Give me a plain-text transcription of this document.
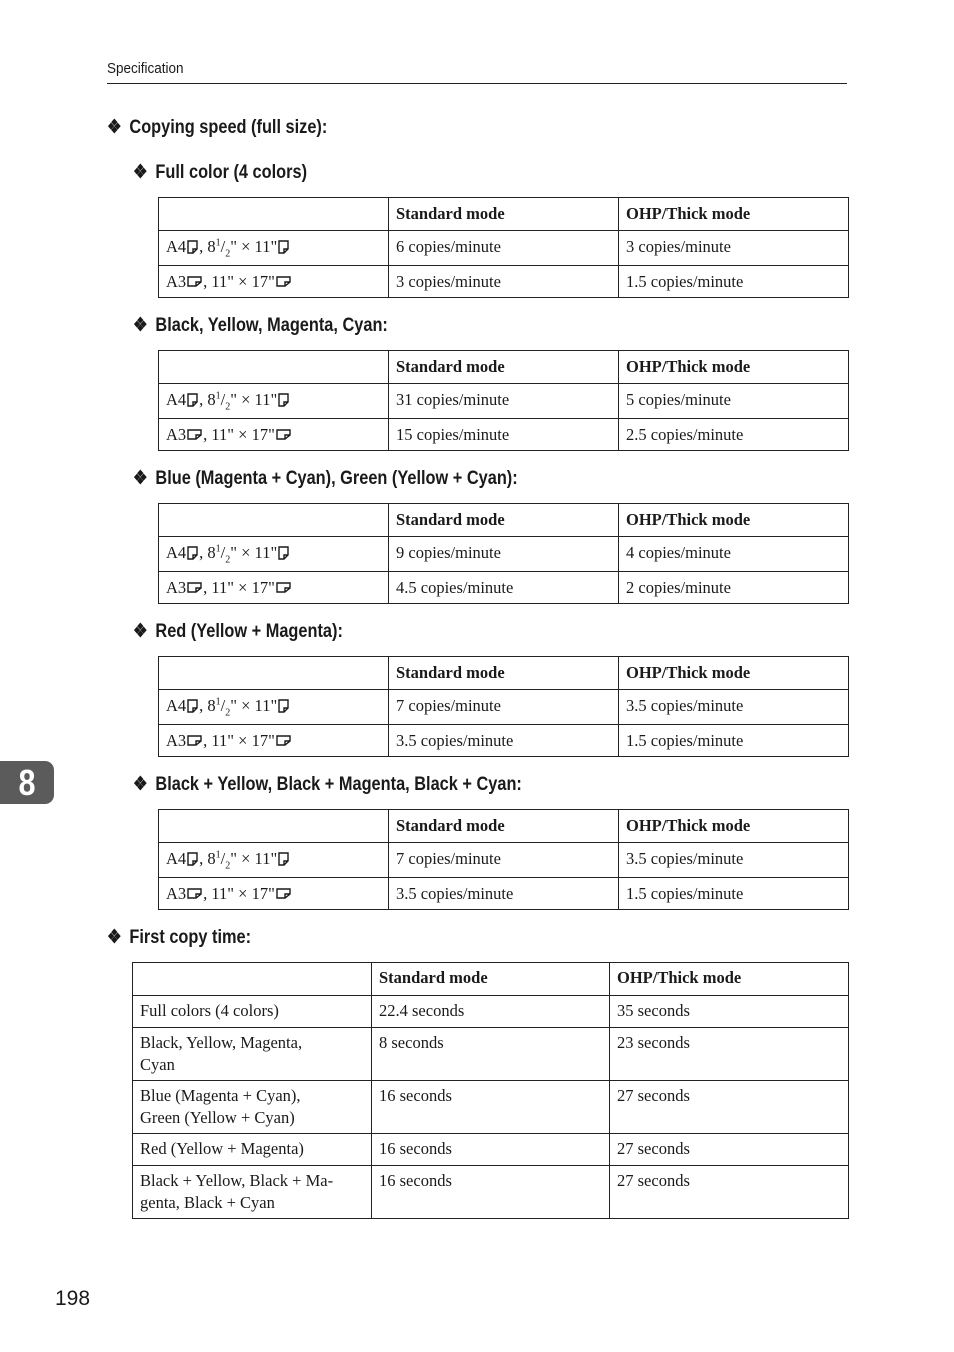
Specification
❖ Copying speed (full size):
❖ Full color (4 colors)
	Standard mode	OHP/Thick mode
A4 , $8^1/_2$" × 11"	6 copies/minute	3 copies/minute
A3 , 11" × 17"	3 copies/minute	1.5 copies/minute
❖ Black, Yellow, Magenta, Cyan:
	Standard mode	OHP/Thick mode
A4 , $8^1/_2$" × 11"	31 copies/minute	5 copies/minute
A3 , 11" × 17"	15 copies/minute	2.5 copies/minute
❖ Blue (Magenta + Cyan), Green (Yellow + Cyan):
	Standard mode	OHP/Thick mode
A4 , $8^1/_2$" × 11"	9 copies/minute	4 copies/minute
A3 , 11" × 17"	4.5 copies/minute	2 copies/minute
❖ Red (Yellow + Magenta):
	Standard mode	OHP/Thick mode
A4 , $8^1/_2$" × 11"	7 copies/minute	3.5 copies/minute
A3 , 11" × 17"	3.5 copies/minute	1.5 copies/minute
❖ Black + Yellow, Black + Magenta, Black + Cyan:
	Standard mode	OHP/Thick mode
A4 , $8^1/_2$" × 11"	7 copies/minute	3.5 copies/minute
A3 , 11" × 17"	3.5 copies/minute	1.5 copies/minute
❖ First copy time:
	Standard mode	OHP/Thick mode
Full colors (4 colors)	22.4 seconds	35 seconds
Black, Yellow, Magenta,
Cyan	8 seconds	23 seconds
Blue (Magenta + Cyan),
Green (Yellow + Cyan)	16 seconds	27 seconds
Red (Yellow + Magenta)	16 seconds	27 seconds
Black + Yellow, Black + Ma-
genta, Black + Cyan	16 seconds	27 seconds
8
198
